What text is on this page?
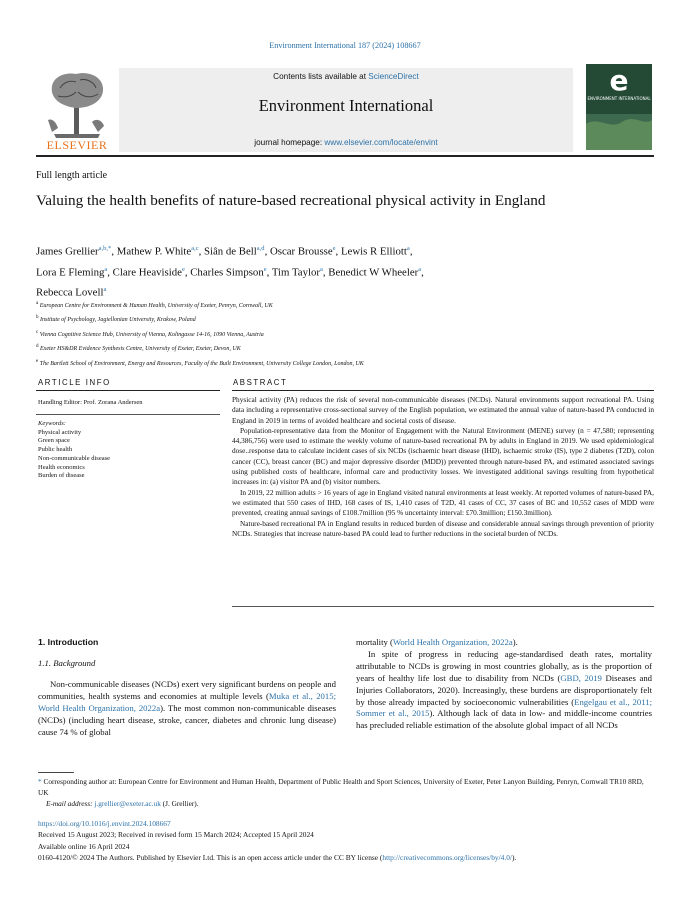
Environment International 187 (2024) 108667
ELSEVIER
Contents lists available at ScienceDirect
Environment International
journal homepage: www.elsevier.com/locate/envint
e
ENVIRONMENT INTERNATIONAL
Full length article
Valuing the health benefits of nature-based recreational physical activity in England
James Grellier$^{a,b,*}$, Mathew P. White$^{a,c}$, Siân de Bell$^{a,d}$, Oscar Brousse$^e$, Lewis R Elliott$^a$,
Lora E Fleming$^a$, Clare Heaviside$^e$, Charles Simpson$^e$, Tim Taylor$^a$, Benedict W Wheeler$^a$,
Rebecca Lovell$^a$
$^a$ European Centre for Environment & Human Health, University of Exeter, Penryn, Cornwall, UK
$^b$ Institute of Psychology, Jagiellonian University, Krakow, Poland
$^c$ Vienna Cognitive Science Hub, University of Vienna, Kolingasse 14-16, 1090 Vienna, Austria
$^d$ Exeter HS&DR Evidence Synthesis Centre, University of Exeter, Exeter, Devon, UK
$^e$ The Bartlett School of Environment, Energy and Resources, Faculty of the Built Environment, University College London, London, UK
ARTICLE INFO	ABSTRACT
Handling Editor: Prof. Zorana Andersen
Keywords:
Physical activity
Green space
Public health
Non-communicable disease
Health economics
Burden of disease

Physical activity (PA) reduces the risk of several non-communicable diseases (NCDs). Natural environments support recreational PA. Using data including a representative cross-sectional survey of the English population, we estimated the annual value of nature-based PA conducted in England in 2019 in terms of avoided healthcare and societal costs of disease.

Population-representative data from the Monitor of Engagement with the Natural Environment (MENE) survey (n = 47,580; representing 44,386,756) were used to estimate the weekly volume of nature-based recreational PA by adults in England in 2019. We used epidemiological dose..response data to calculate incident cases of six NCDs (ischaemic heart disease (IHD), ischaemic stroke (IS), type 2 diabetes (T2D), colon cancer (CC), breast cancer (BC) and major depressive disorder (MDD)) prevented through nature-based PA, and estimated associated savings using published costs of healthcare, informal care and productivity losses. We investigated additional savings resulting from hypothetical increases in: (a) visitor PA and (b) visitor numbers.

In 2019, 22 million adults > 16 years of age in England visited natural environments at least weekly. At reported volumes of nature-based PA, we estimated that 550 cases of IHD, 168 cases of IS, 1,410 cases of T2D, 41 cases of CC, 37 cases of BC and 10,552 cases of MDD were prevented, creating annual savings of £108.7million (95 % uncertainty interval: £70.3million; £150.3million).

Nature-based recreational PA in England results in reduced burden of disease and considerable annual savings through prevention of priority NCDs. Strategies that increase nature-based PA could lead to further reductions in the societal burden of NCDs.

1. Introduction
1.1. Background
Non-communicable diseases (NCDs) exert very significant burdens on people and communities, health systems and economies at multiple levels (Muka et al., 2015; World Health Organization, 2022a). The most common non-communicable diseases (NCDs) (including heart disease, stroke, cancer, diabetes and chronic lung disease) cause 74 % of global
mortality (World Health Organization, 2022a).
In spite of progress in reducing age-standardised death rates, mortality attributable to NCDs is growing in most countries globally, as is the proportion of years of healthy life lost due to disability from NCDs (GBD, 2019 Diseases and Injuries Collaborators, 2020). Increasingly, these burdens are disproportionately felt by those already impacted by socioeconomic vulnerabilities (Engelgau et al., 2011; Sommer et al., 2015). Although lack of data in low- and middle-income countries has precluded reliable estimation of the absolute global impact of all NCDs
* Corresponding author at: European Centre for Environment and Human Health, Department of Public Health and Sport Sciences, University of Exeter, Peter Lanyon Building, Penryn, Cornwall TR10 8RD, UK
E-mail address: j.grellier@exeter.ac.uk (J. Grellier).
https://doi.org/10.1016/j.envint.2024.108667
Received 15 August 2023; Received in revised form 15 March 2024; Accepted 15 April 2024
Available online 16 April 2024
0160-4120/© 2024 The Authors. Published by Elsevier Ltd. This is an open access article under the CC BY license (http://creativecommons.org/licenses/by/4.0/).
